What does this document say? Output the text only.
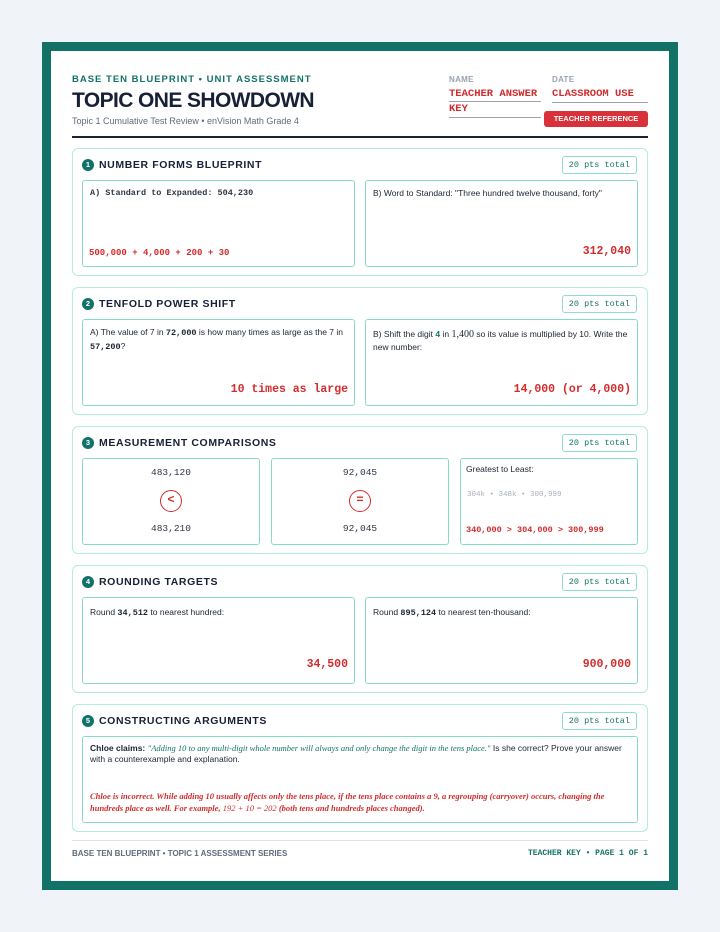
BASE TEN BLUEPRINT • UNIT ASSESSMENT
TOPIC ONE SHOWDOWN
Topic 1 Cumulative Test Review • enVision Math Grade 4
NAME
TEACHER ANSWER
KEY
DATE
CLASSROOM USE
TEACHER REFERENCE
1 NUMBER FORMS BLUEPRINT	20 pts total
A) Standard to Expanded: 504,230
500,000 + 4,000 + 200 + 30
B) Word to Standard: "Three hundred twelve thousand, forty"
312,040
2 TENFOLD POWER SHIFT	20 pts total
A) The value of 7 in 72,000 is how many times as large as the 7 in 57,200?
10 times as large
B) Shift the digit 4 in 1,400 so its value is multiplied by 10. Write the new number:
14,000 (or 4,000)
3 MEASUREMENT COMPARISONS	20 pts total
483,120
<
483,210
92,045
=
92,045
Greatest to Least:
304k • 348k • 300,999
340,000 > 304,000 > 300,999
4 ROUNDING TARGETS	20 pts total
Round 34,512 to nearest hundred:
34,500
Round 895,124 to nearest ten-thousand:
900,000
5 CONSTRUCTING ARGUMENTS	20 pts total
Chloe claims: "Adding 10 to any multi-digit whole number will always and only change the digit in the tens place." Is she correct? Prove your answer with a counterexample and explanation.
Chloe is incorrect. While adding 10 usually affects only the tens place, if the tens place contains a 9, a regrouping (carryover) occurs, changing the hundreds place as well. For example, 192 + 10 = 202 (both tens and hundreds places changed).
BASE TEN BLUEPRINT • TOPIC 1 ASSESSMENT SERIES	TEACHER KEY • PAGE 1 OF 1
